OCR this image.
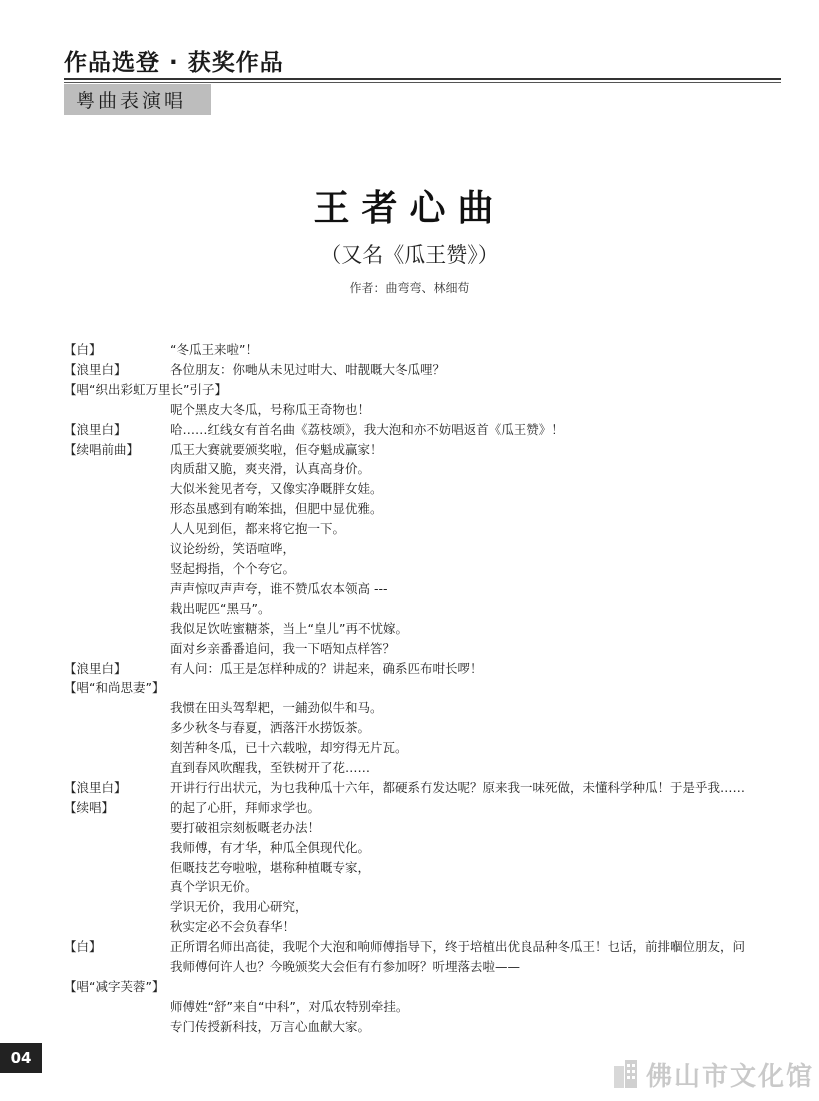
作品选登 · 获奖作品
粤曲表演唱
王者心曲
（又名《瓜王赞》）
作者：曲弯弯、林细苟
【白】	“冬瓜王来啦”！
【浪里白】	各位朋友：你哋从未见过咁大、咁靓嘅大冬瓜哩？
【唱“织出彩虹万里长”引子】
呢个黑皮大冬瓜，号称瓜王奇物也！
【浪里白】	哈……红线女有首名曲《荔枝颂》，我大泡和亦不妨唱返首《瓜王赞》！
【续唱前曲】	瓜王大赛就要颁奖啦，佢夺魁成赢家！
肉质甜又脆，爽夹滑，认真高身价。
大似米瓮见者夸，又像实净嘅胖女娃。
形态虽感到有啲笨拙，但肥中显优雅。
人人见到佢，都来将它抱一下。
议论纷纷，笑语喧哗，
竖起拇指，个个夸它。
声声惊叹声声夸，谁不赞瓜农本领高 ---
栽出呢匹“黑马”。
我似足饮咗蜜糖茶，当上“皇儿”再不忧嫁。
面对乡亲番番追问，我一下唔知点样答？
【浪里白】	有人问：瓜王是怎样种成的？讲起来，确系匹布咁长啰！
【唱“和尚思妻”】
我惯在田头驾犁耙，一鋪劲似牛和马。
多少秋冬与春夏，洒落汗水捞饭茶。
刻苦种冬瓜，已十六载啦，却穷得无片瓦。
直到春风吹醒我，至铁树开了花……
【浪里白】	开讲行行出状元，为乜我种瓜十六年，都硬系冇发达呢？原来我一味死做，未懂科学种瓜！于是乎我……
【续唱】	的起了心肝，拜师求学也。
要打破祖宗刻板嘅老办法！
我师傅，有才华，种瓜全俱现代化。
佢嘅技艺夸啦啦，堪称种植嘅专家，
真个学识无价。
学识无价，我用心研究，
秋实定必不会负春华！
【白】	正所谓名师出高徒，我呢个大泡和响师傅指导下，终于培植出优良品种冬瓜王！乜话，前排嗰位朋友，问
我师傅何许人也？今晚颁奖大会佢有冇参加呀？听埋落去啦——
【唱“减字芙蓉”】
师傅姓“舒”来自“中科”，对瓜农特别牵挂。
专门传授新科技，万言心血献大家。
04
佛山市文化馆
